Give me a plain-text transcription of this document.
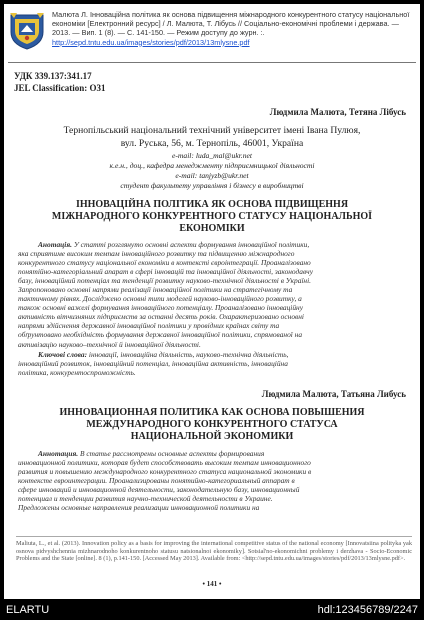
Малюта Л. Інноваційна політика як основа підвищення міжнародного конкурентного статусу національної економіки [Електронний ресурс] / Л. Малюта, Т. Лібусь // Соціально-економічні проблеми і держава. — 2013. — Вип. 1 (8). — С. 141-150. — Режим доступу до журн. :.
http://sepd.tntu.edu.ua/images/stories/pdf/2013/13mlysne.pdf
УДК 339.137:341.17
JEL Classification: O31
Людмила Малюта, Тетяна Лібусь
Тернопільський національний технічний університет імені Івана Пулюя,
вул. Руська, 56, м. Тернопіль, 46001, Україна
e-mail: luda_mal@ukr.net
к.е.н., доц., кафедра менеджменту підприємницької діяльності
e-mail: tanjyzb@ukr.net
студент факультету управління і бізнесу в виробництві
ІННОВАЦІЙНА ПОЛІТИКА ЯК ОСНОВА ПІДВИЩЕННЯ
МІЖНАРОДНОГО КОНКУРЕНТНОГО СТАТУСУ НАЦІОНАЛЬНОЇ
ЕКОНОМІКИ
Анотація. У статті розглянуто основні аспекти формування інноваційної політики,
яка сприятиме високим темпам інноваційного розвитку та підвищенню міжнародного
конкурентного статусу національної економіки в контексті євроінтеграції. Проаналізовано
понятійно-категоріальний апарат в сфері інновацій та інноваційної діяльності, законодавчу
базу, інноваційний потенціал та тенденції розвитку науково-технічної діяльності в Україні.
Запропоновано основні напрями реалізації інноваційної політики на стратегічному та
тактичному рівнях. Досліджено основні типи моделей науково-інноваційного розвитку, а
також основні важелі формування інноваційного потенціалу. Проаналізовано інноваційну
активність вітчизняних підприємств за останні десять років. Охарактеризовано основні
напрями здійснення державної інноваційної політики у провідних країнах світу та
обґрунтовано необхідність формування державної інноваційної політики, спрямованої на
активізацію науково–технічної й інноваційної діяльності.
Ключові слова: інновації, інноваційна діяльність, науково-технічна діяльність,
інноваційний розвиток, інноваційний потенціал, інноваційна активність, інноваційна
політика, конкурентоспроможність.
Людмила Малюта, Татьяна Либусь
ИННОВАЦИОННАЯ ПОЛИТИКА КАК ОСНОВА ПОВЫШЕНИЯ
МЕЖДУНАРОДНОГО КОНКУРЕНТНОГО СТАТУСА
НАЦИОНАЛЬНОЙ ЭКОНОМИКИ
Аннотация. В статье рассмотрены основные аспекты формирования
инновационной политики, которая будет способствовать высоким темпам инновационного
развития и повышению международного конкурентного статуса национальной экономики в
контексте евроинтеграции. Проанализированы понятийно-категориальный аппарат в
сфере инноваций и инновационной деятельности, законодательную базу, инновационный
потенциал и тенденции развития научно-технической деятельности в Украине.
Предложены основные направления реализации инновационной политики на
Maliuta, L., et al. (2013). Innovation policy as a basis for improving the international competitive status of the national economy [Innovatsiina polityka yak osnova pidvyshchennia mizhnarodnoho konkurentnoho statusu natsionalnoi ekonomiky]. Sotsial'no-ekonomichni problemy i derzhava - Socio-Economic Problems and the State [online]. 8 (1), p.141-150. [Accessed May 2013]. Available from: <http://sepd.tntu.edu.ua/images/stories/pdf/2013/13mlysne.pdf>.
• 141 •
ELARTU	hdl:123456789/2247
